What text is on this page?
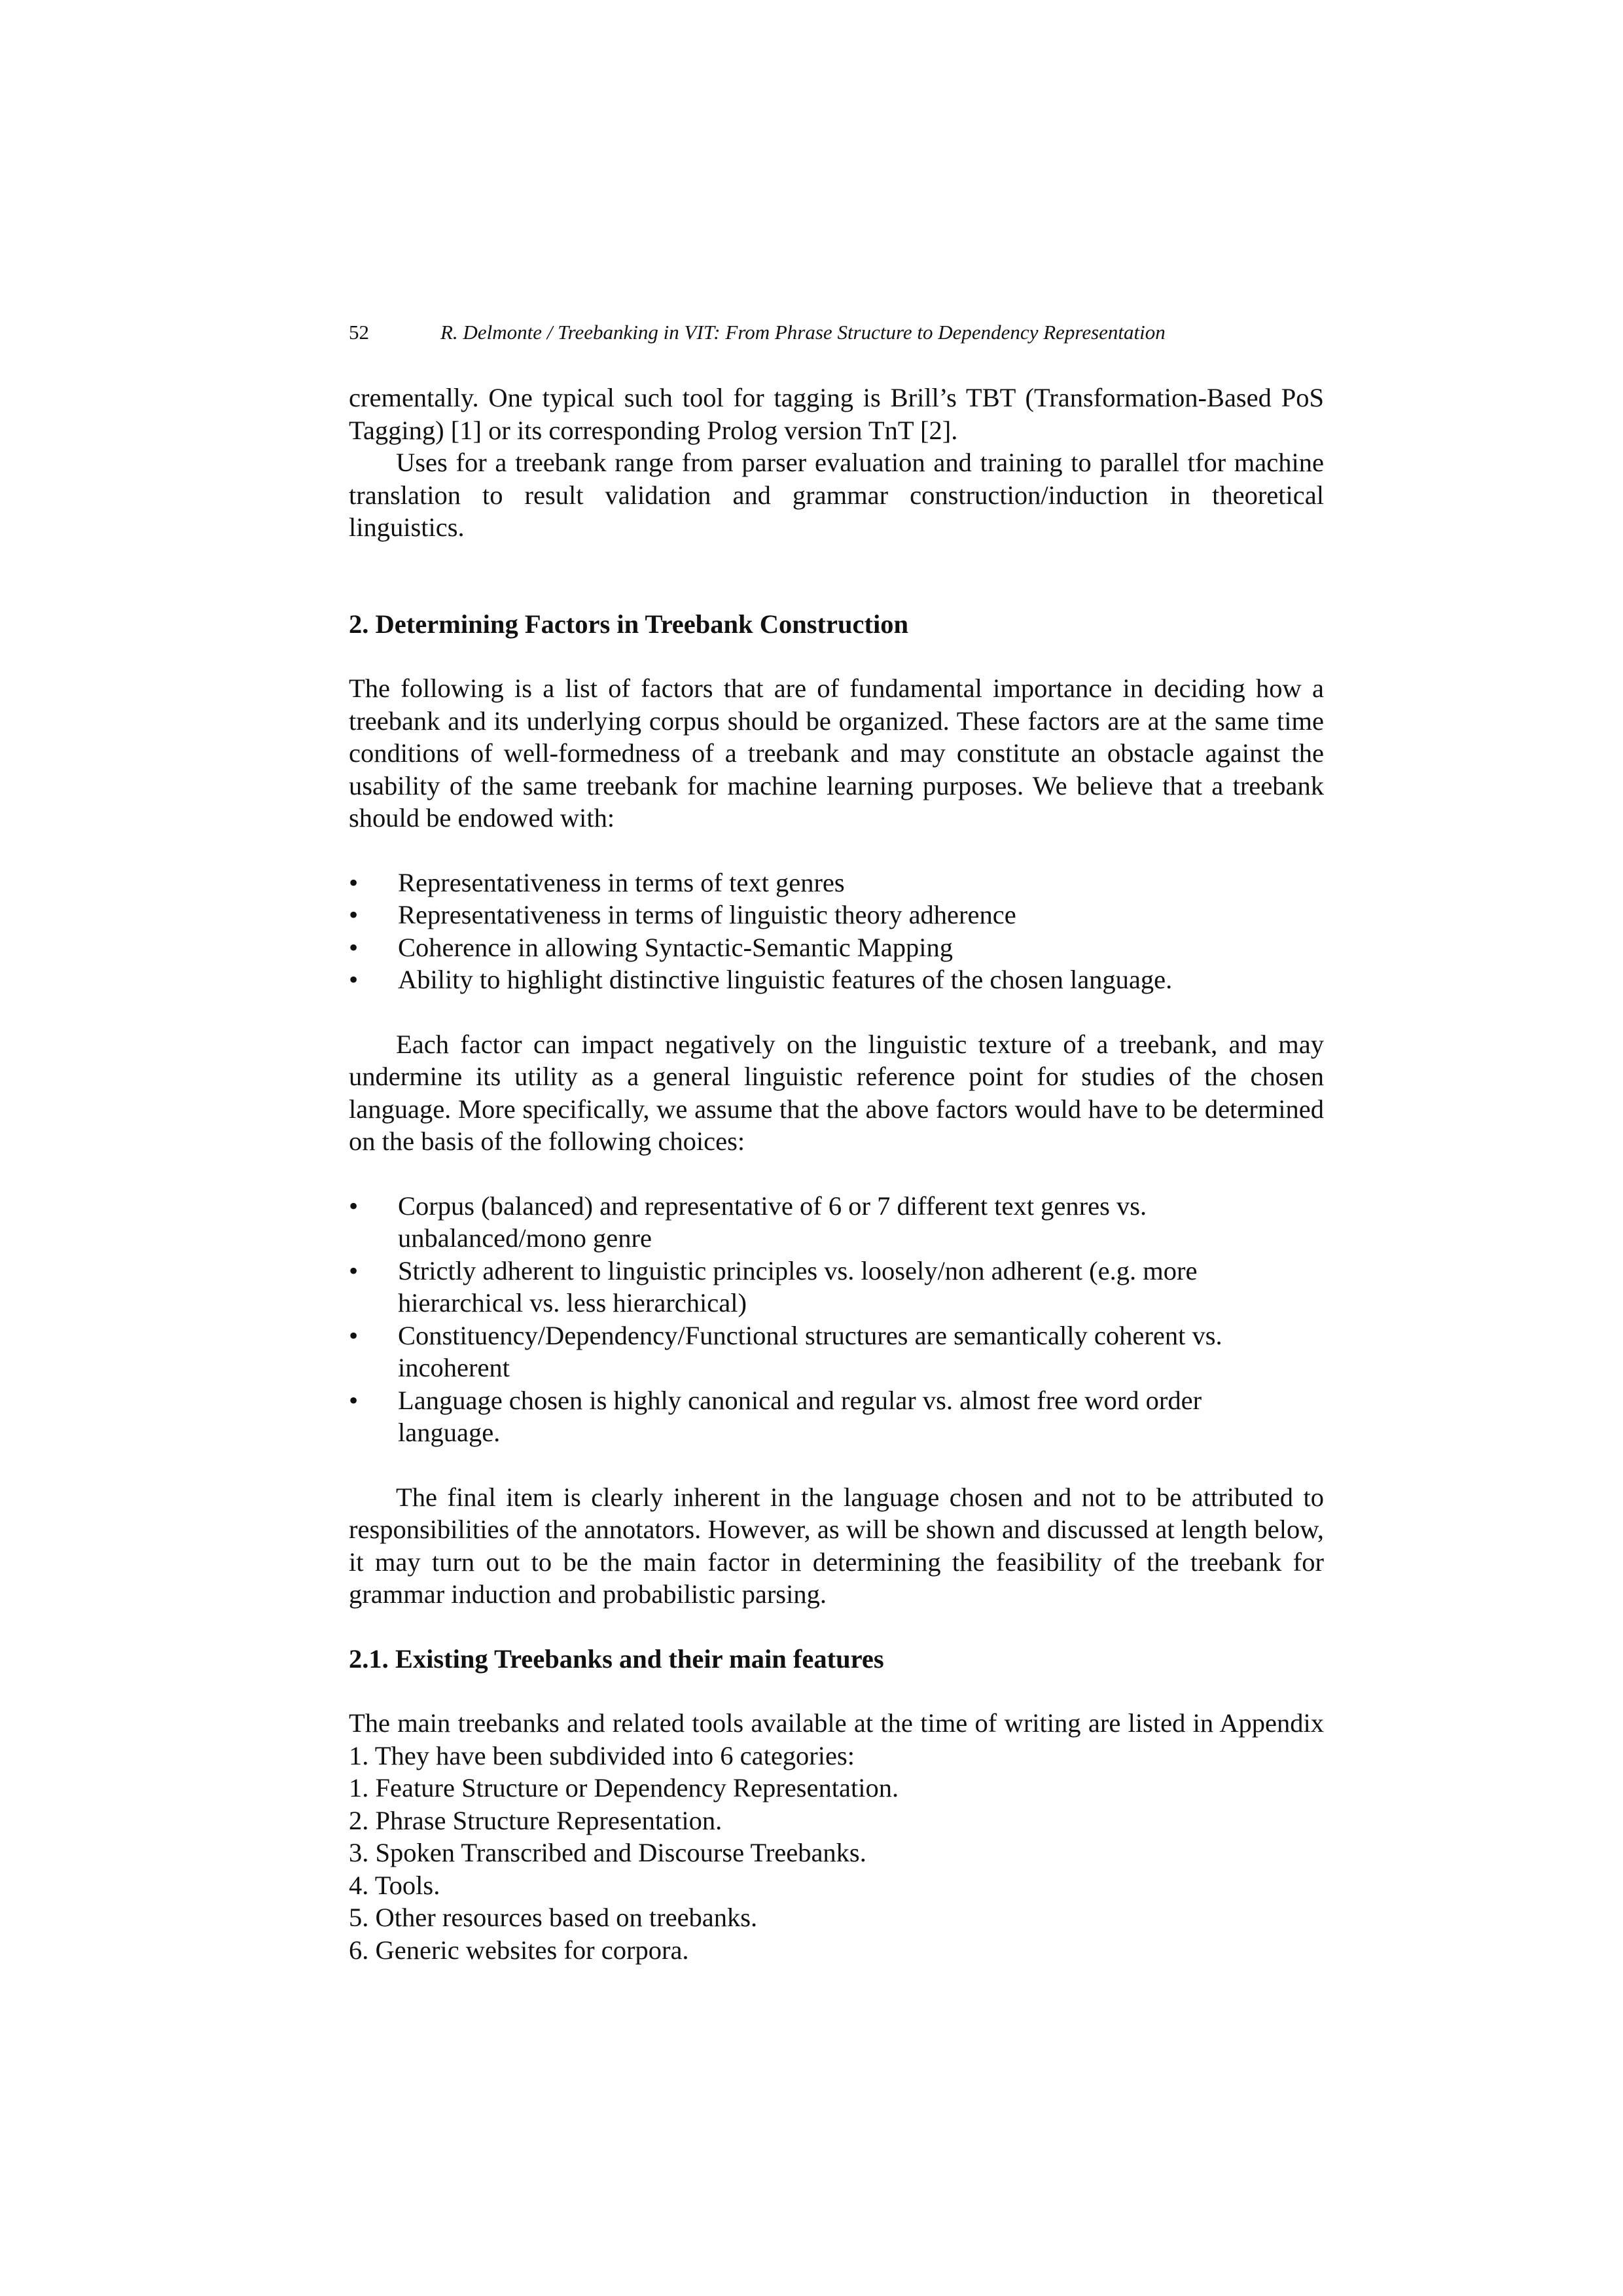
52	R. Delmonte / Treebanking in VIT: From Phrase Structure to Dependency Representation

crementally. One typical such tool for tagging is Brill’s TBT (Transformation-Based PoS Tagging) [1] or its corresponding Prolog version TnT [2].

Uses for a treebank range from parser evaluation and training to parallel tfor machine translation to result validation and grammar construction/induction in theoretical linguistics.

2. Determining Factors in Treebank Construction

The following is a list of factors that are of fundamental importance in deciding how a treebank and its underlying corpus should be organized. These factors are at the same time conditions of well-formedness of a treebank and may constitute an obstacle against the usability of the same treebank for machine learning purposes. We believe that a treebank should be endowed with:

•	Representativeness in terms of text genres
•	Representativeness in terms of linguistic theory adherence
•	Coherence in allowing Syntactic-Semantic Mapping
•	Ability to highlight distinctive linguistic features of the chosen language.

Each factor can impact negatively on the linguistic texture of a treebank, and may undermine its utility as a general linguistic reference point for studies of the chosen language. More specifically, we assume that the above factors would have to be determined on the basis of the following choices:

•	Corpus (balanced) and representative of 6 or 7 different text genres vs. unbalanced/mono genre
•	Strictly adherent to linguistic principles vs. loosely/non adherent (e.g. more hierarchical vs. less hierarchical)
•	Constituency/Dependency/Functional structures are semantically coherent vs. incoherent
•	Language chosen is highly canonical and regular vs. almost free word order language.

The final item is clearly inherent in the language chosen and not to be attributed to responsibilities of the annotators. However, as will be shown and discussed at length below, it may turn out to be the main factor in determining the feasibility of the treebank for grammar induction and probabilistic parsing.

2.1. Existing Treebanks and their main features

The main treebanks and related tools available at the time of writing are listed in Appendix 1. They have been subdivided into 6 categories:

1. Feature Structure or Dependency Representation.
2. Phrase Structure Representation.
3. Spoken Transcribed and Discourse Treebanks.
4. Tools.
5. Other resources based on treebanks.
6. Generic websites for corpora.
